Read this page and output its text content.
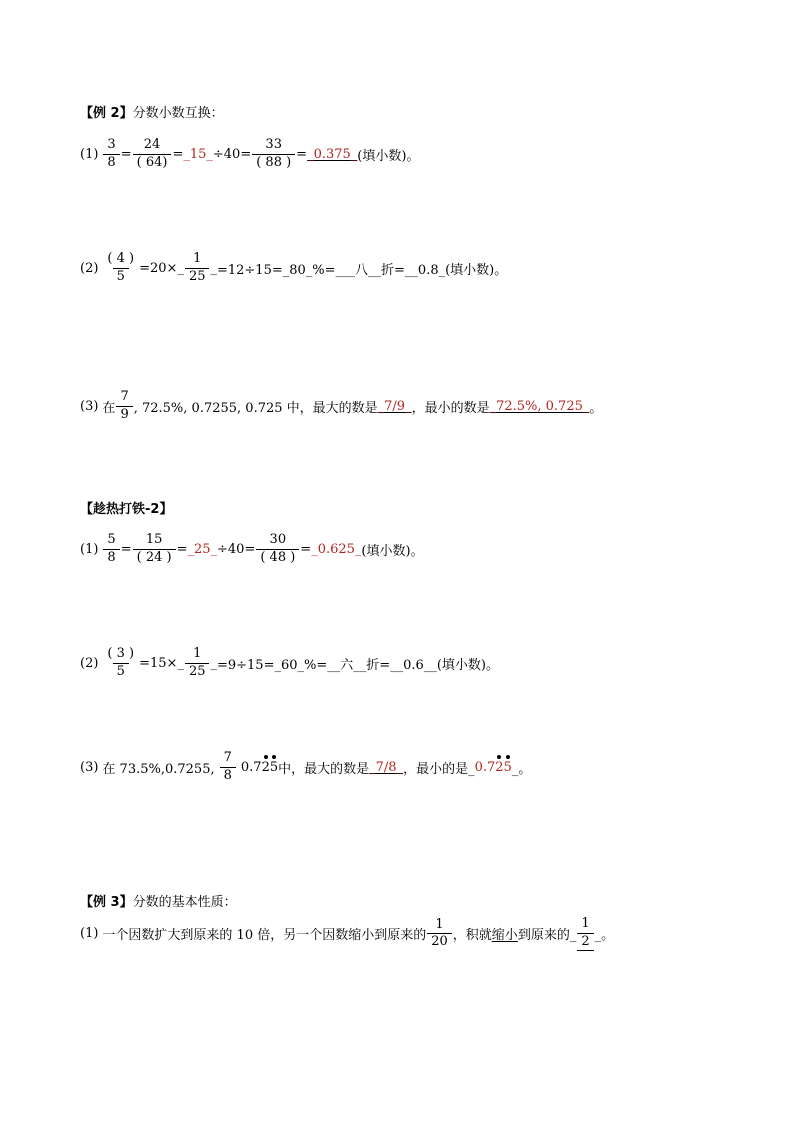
【例 2】 分数小数互换：
$(1) \frac{3}{8} = \frac{24}{( 64)}$ = _15_ $\div 40= \frac{33}{( 88 )}$ = _0.375_ (填小数)。
$(2) \frac{( 4 )}{5} =20\times$ _ $\frac{1}{25}$ _ =12÷15=_80_%=___八__折=__0.8_(填小数)。
(3) 在 $\frac{7}{9}$ , 72.5%, 0.7255, 0.725 中，最大的数是 _7/9_ ，最小的数是 _72.5%, 0.725_ 。
【趁热打铁-2】
$(1) \frac{5}{8} = \frac{15}{( 24 )}$ = _25_ $\div 40= \frac{30}{( 48 )}$ = _0.625_ (填小数)。
$(2) \frac{( 3 )}{5} =15\times$ _ $\frac{1}{25}$ _ =9÷15=_60_%=__六__折=__0.6__(填小数)。
(3) 在 73.5%,0.7255, $\frac{7}{8} 0.725$ 中，最大的数是 _7/8_ ，最小的是_ 0.725 _。
【例 3】 分数的基本性质：
(1) 一个因数扩大到原来的 10 倍，另一个因数缩小到原来的 $\frac{1}{20}$ ，积就 缩小 到原来的_ $\frac{1}{2}$ _。
